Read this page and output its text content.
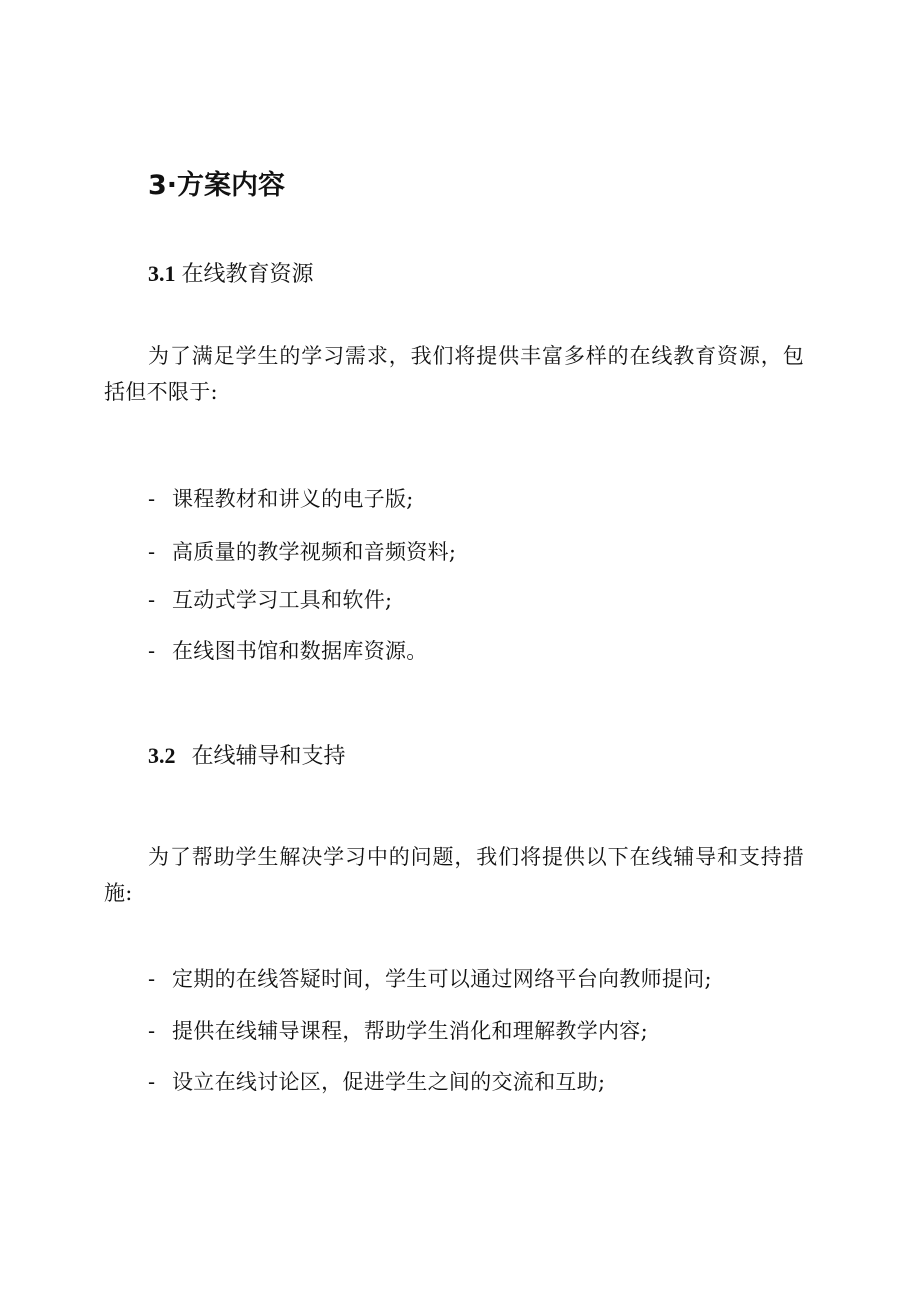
3·方案内容
3.1 在线教育资源

为了满足学生的学习需求，我们将提供丰富多样的在线教育资源，包括但不限于:

- 课程教材和讲义的电子版;
- 高质量的教学视频和音频资料;
- 互动式学习工具和软件;
- 在线图书馆和数据库资源。
3.2 在线辅导和支持

为了帮助学生解决学习中的问题，我们将提供以下在线辅导和支持措施:

- 定期的在线答疑时间，学生可以通过网络平台向教师提问;
- 提供在线辅导课程，帮助学生消化和理解教学内容;
- 设立在线讨论区，促进学生之间的交流和互助;
